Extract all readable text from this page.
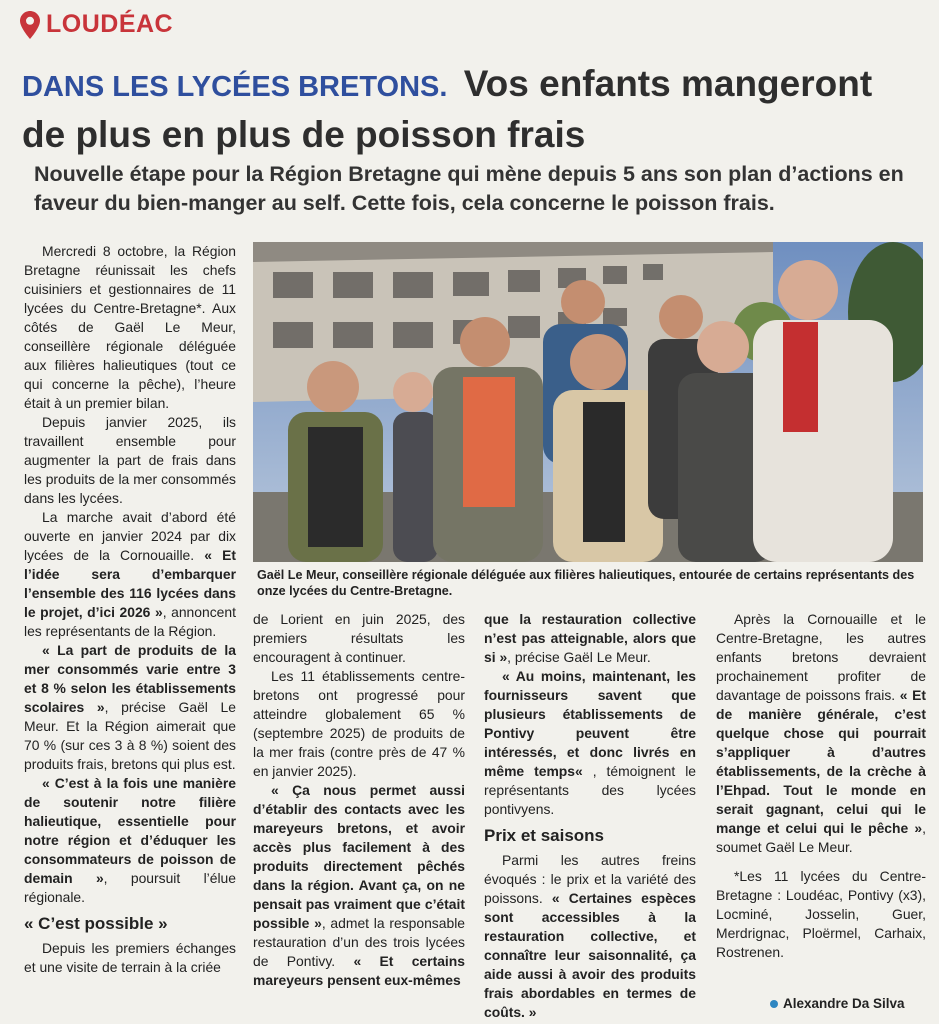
LOUDÉAC
DANS LES LYCÉES BRETONS. Vos enfants mangeront de plus en plus de poisson frais

Nouvelle étape pour la Région Bretagne qui mène depuis 5 ans son plan d’actions en faveur du bien-manger au self. Cette fois, cela concerne le poisson frais.

Gaël Le Meur, conseillère régionale déléguée aux filières halieutiques, entourée de certains représentants des onze lycées du Centre-Bretagne.

Mercredi 8 octobre, la Région Bretagne réunissait les chefs cuisiniers et gestionnaires de 11 lycées du Centre-Bretagne*. Aux côtés de Gaël Le Meur, conseillère régionale déléguée aux filières halieutiques (tout ce qui concerne la pêche), l’heure était à un premier bilan.

Depuis janvier 2025, ils travaillent ensemble pour augmenter la part de frais dans les produits de la mer consommés dans les lycées.

La marche avait d’abord été ouverte en janvier 2024 par dix lycées de la Cornouaille. « Et l’idée sera d’embarquer l’ensemble des 116 lycées dans le projet, d’ici 2026 », annoncent les représentants de la Région.

« La part de produits de la mer consommés varie entre 3 et 8 % selon les établissements scolaires », précise Gaël Le Meur. Et la Région aimerait que 70 % (sur ces 3 à 8 %) soient des produits frais, bretons qui plus est.

« C’est à la fois une manière de soutenir notre filière halieutique, essentielle pour notre région et d’éduquer les consommateurs de poisson de demain », poursuit l’élue régionale.

« C’est possible »

Depuis les premiers échanges et une visite de terrain à la criée

de Lorient en juin 2025, des premiers résultats les encouragent à continuer.

Les 11 établissements centre-bretons ont progressé pour atteindre globalement 65 % (septembre 2025) de produits de la mer frais (contre près de 47 % en janvier 2025).

« Ça nous permet aussi d’établir des contacts avec les mareyeurs bretons, et avoir accès plus facilement à des produits directement pêchés dans la région. Avant ça, on ne pensait pas vraiment que c’était possible », admet la responsable restauration d’un des trois lycées de Pontivy. « Et certains mareyeurs pensent eux-mêmes

que la restauration collective n’est pas atteignable, alors que si », précise Gaël Le Meur.

« Au moins, maintenant, les fournisseurs savent que plusieurs établissements de Pontivy peuvent être intéressés, et donc livrés en même temps« , témoignent le représentants des lycées pontivyens.

Prix et saisons

Parmi les autres freins évoqués : le prix et la variété des poissons. « Certaines espèces sont accessibles à la restauration collective, et connaître leur saisonnalité, ça aide aussi à avoir des produits frais abordables en termes de coûts. »

Après la Cornouaille et le Centre-Bretagne, les autres enfants bretons devraient prochainement profiter de davantage de poissons frais. « Et de manière générale, c’est quelque chose qui pourrait s’appliquer à d’autres établissements, de la crèche à l’Ehpad. Tout le monde en serait gagnant, celui qui le mange et celui qui le pêche », soumet Gaël Le Meur.

*Les 11 lycées du Centre-Bretagne : Loudéac, Pontivy (x3), Locminé, Josselin, Guer, Merdrignac, Ploërmel, Carhaix, Rostrenen.

Alexandre Da Silva
